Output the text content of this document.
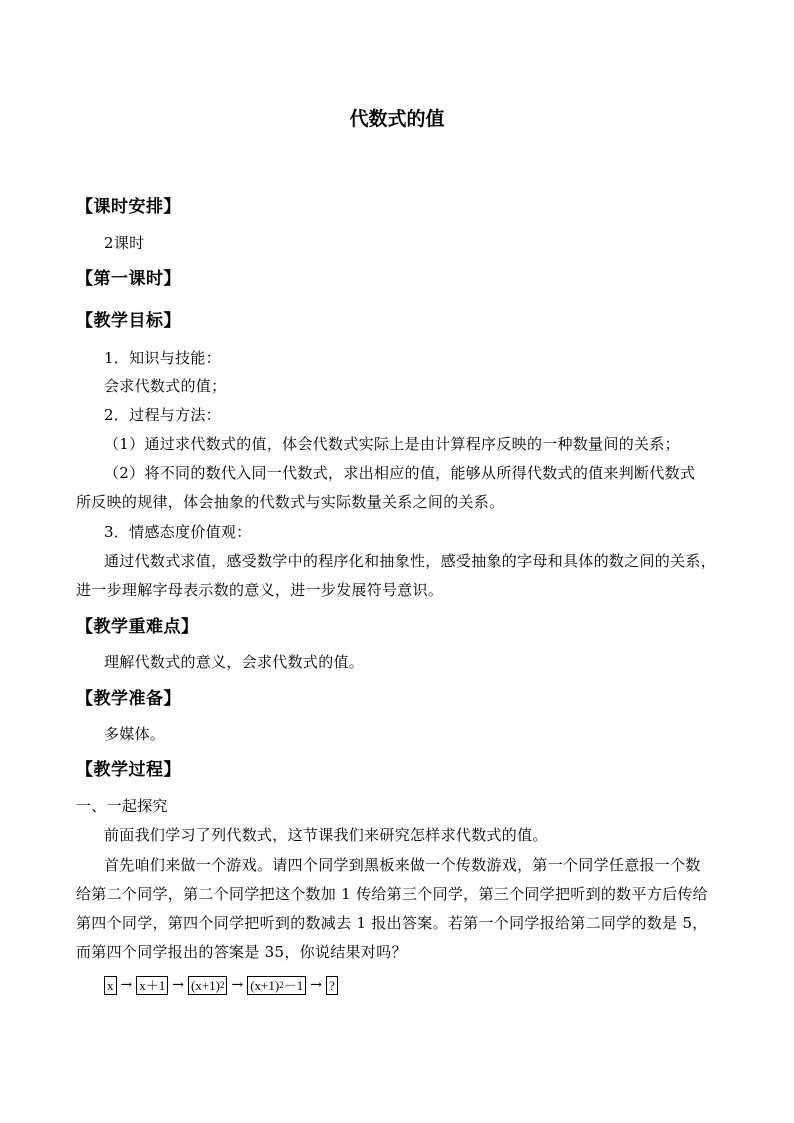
代数式的值
【课时安排】
2课时
【第一课时】
【教学目标】
1．知识与技能：
会求代数式的值；
2．过程与方法：
（1）通过求代数式的值，体会代数式实际上是由计算程序反映的一种数量间的关系；
（2）将不同的数代入同一代数式，求出相应的值，能够从所得代数式的值来判断代数式
所反映的规律，体会抽象的代数式与实际数量关系之间的关系。
3．情感态度价值观：
通过代数式求值，感受数学中的程序化和抽象性，感受抽象的字母和具体的数之间的关系，
进一步理解字母表示数的意义，进一步发展符号意识。
【教学重难点】
理解代数式的意义，会求代数式的值。
【教学准备】
多媒体。
【教学过程】
一、一起探究
前面我们学习了列代数式，这节课我们来研究怎样求代数式的值。
首先咱们来做一个游戏。请四个同学到黑板来做一个传数游戏，第一个同学任意报一个数
给第二个同学，第二个同学把这个数加 1 传给第三个同学，第三个同学把听到的数平方后传给
第四个同学，第四个同学把听到的数减去 1 报出答案。若第一个同学报给第二同学的数是 5，
而第四个同学报出的答案是 35，你说结果对吗？
x → x＋1 → (x+1) 2 → (x+1) 2 －1 → ?
